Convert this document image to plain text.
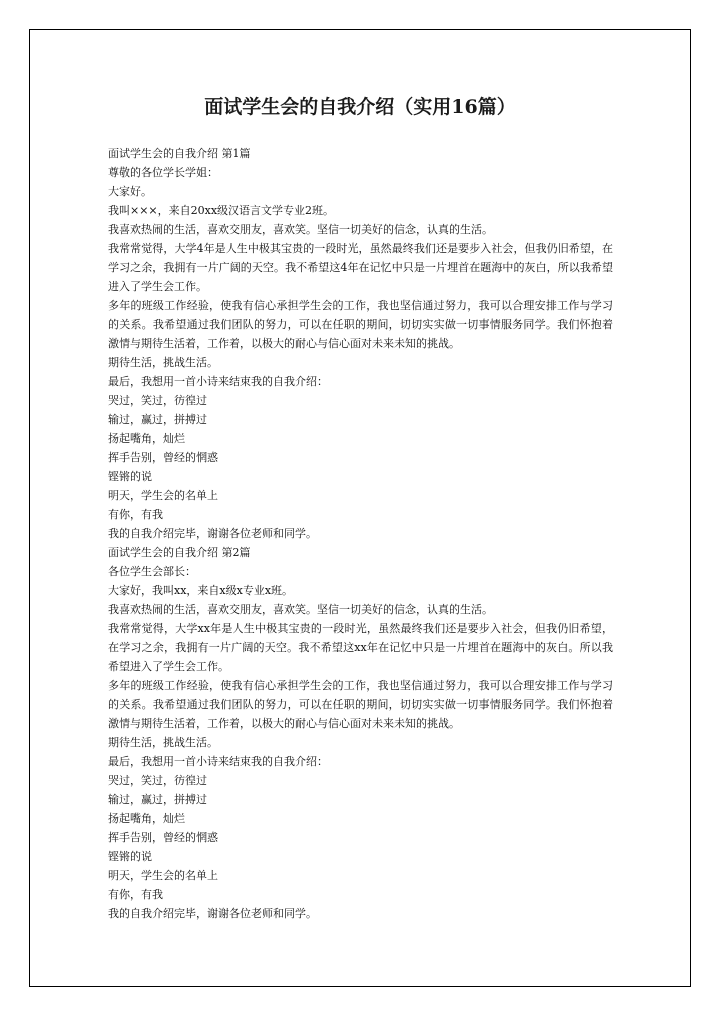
面试学生会的自我介绍（实用16篇）

面试学生会的自我介绍 第1篇

尊敬的各位学长学姐：

大家好。

我叫×××，来自20xx级汉语言文学专业2班。

我喜欢热闹的生活，喜欢交朋友，喜欢笑。坚信一切美好的信念，认真的生活。

我常常觉得，大学4年是人生中极其宝贵的一段时光，虽然最终我们还是要步入社会，但我仍旧希望，在学习之余，我拥有一片广阔的天空。我不希望这4年在记忆中只是一片埋首在题海中的灰白，所以我希望进入了学生会工作。

多年的班级工作经验，使我有信心承担学生会的工作，我也坚信通过努力，我可以合理安排工作与学习的关系。我希望通过我们团队的努力，可以在任职的期间，切切实实做一切事情服务同学。我们怀抱着激情与期待生活着，工作着，以极大的耐心与信心面对未来未知的挑战。

期待生活，挑战生活。

最后，我想用一首小诗来结束我的自我介绍：

哭过，笑过，彷徨过

输过，赢过，拼搏过

扬起嘴角，灿烂

挥手告别，曾经的惘惑

铿锵的说

明天，学生会的名单上

有你，有我

我的自我介绍完毕，谢谢各位老师和同学。

面试学生会的自我介绍 第2篇

各位学生会部长：

大家好，我叫xx，来自x级x专业x班。

我喜欢热闹的生活，喜欢交朋友，喜欢笑。坚信一切美好的信念，认真的生活。

我常常觉得，大学xx年是人生中极其宝贵的一段时光，虽然最终我们还是要步入社会，但我仍旧希望，在学习之余，我拥有一片广阔的天空。我不希望这xx年在记忆中只是一片埋首在题海中的灰白。所以我希望进入了学生会工作。

多年的班级工作经验，使我有信心承担学生会的工作，我也坚信通过努力，我可以合理安排工作与学习的关系。我希望通过我们团队的努力，可以在任职的期间，切切实实做一切事情服务同学。我们怀抱着激情与期待生活着，工作着，以极大的耐心与信心面对未来未知的挑战。

期待生活，挑战生活。

最后，我想用一首小诗来结束我的自我介绍：

哭过，笑过，彷徨过

输过，赢过，拼搏过

扬起嘴角，灿烂

挥手告别，曾经的惘惑

铿锵的说

明天，学生会的名单上

有你，有我

我的自我介绍完毕，谢谢各位老师和同学。
